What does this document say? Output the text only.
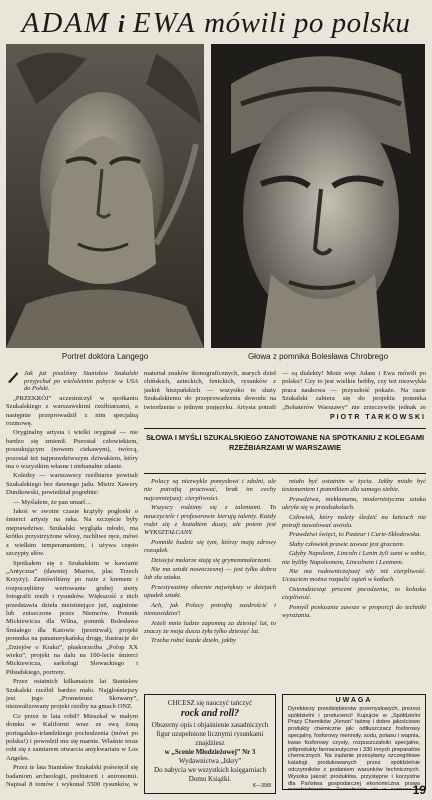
ADAM i EWA mówili po polsku
Portret doktora Langego	Głowa z pomnika Bolesława Chrobrego
Jak już pisaliśmy Stanisław Szukalski przyjechał po wieloletnim pobycie w USA do Polski.

„PRZEKRÓJ” uczestniczył w spotkaniu Szukalskiego z warszawskimi rzeźbiarzami, a następnie przeprowadził z nim specjalną rozmowę.

Oryginalny artysta i wielki oryginał — nie bardzo się zmienił. Pozostał człowiekiem, poszukującym (nowem ciekawym), twórcą, pozostał też najprawdziwszym dziwakiem, który ma o wszystkim własne i niebanalne zdanie.

Koledzy — warszawscy rzeźbiarze powitali Szukalskiego bez dawnego jadu. Mistrz Xawery Dunikowski, powiedział pogodnie:

— Myślałem, że pan umarł…

Jakoś w swoim czasie krążyły pogłoski o śmierci artysty na raka. Na szczęście były nieprawdziwe. Szukalski wygląda młodo, ma krótko przystrzyżone włosy, ruchliwe ręce, mówi z wielkim temperamentem, i używa często szczypty słów.

Spotkałem się z Szukalskim w kawiarni „Antyczna” (dawniej Mazres, plac Trzech Krzyży). Zamówiliśmy po razie z kremem i rozpoczęliśmy wertowanie grubej sterty fotografii rzeźb i rysunków. Większość z nich przedstawia dzieła nieistniejące już, zaginione lub zniszczone przez Niemców. Pomnik Mickiewicza dla Wilna, pomnik Bolesława Śmiałego dla Katowic (przetrwał), projekt pomnika na panamerykańską drogę, ilustracje do „Dziejów o Kraku”, płaskorzeźba „Polop XX wieku”, projekt na dalu na 100-lecie śmierci Mickiewicza, sarkofagi Słowackiego i Piłsudskiego, portrety.

Przez ostatnich kilkanaście lat Stanisław Szukalski rzeźbił bardzo mało. Najgłośniejszy jest jego „Prometeusz Skowany”, niezrealizowany projekt rzeźby na gmach ONZ.

Co przez te lata robił? Mieszkał w małym domku w Kalifornii wraz ze swą żoną portugalsko-irlandzkiego pochodzenia (mówi po polsku!) i powodził mu się marnie. Właśnie teraz robi się z zamiarem otwarcia antykwariatu w Los Angeles.

Przez te lata Stanisław Szukalski poświęcił się badaniom archeologii, prehistorii i antronomii. Napisał 8 tomów i wykonał 5500 rysunków, w

materiał znaków ikonograficznych, starych dzieł chińskich, azteckich, fenickich, rysunków z jaskiń hiszpańskich — wszystko to służy Szukalskiemu do przeprowadzenia dowodu na twierdzenie o jednym prajęzyku. Artysta potrafi

— są dialekty! Może więc Adam i Ewa mówili po polsku? Czy to jest wielkie hobby, czy też niezwykła praca naukowa — przyszłość pokaże. Na razie Szukalski zabiera się do projektu pomnika „Bohaterów Warszawy” nie zrzeczywije jednak ze

PIOTR TARKOWSKI
SŁOWA I MYŚLI SZUKALSKIEGO ZANOTOWANE NA SPOTKANIU Z KOLEGAMI RZEŹBIARZAMI W WARSZAWIE

Polacy są niezwykle pomysłowi i zdolni, ale nie potrafią pracować, brak im cechy najcenniejszej: cierpliwości.

Wszyscy rodzimy się z talentami. To nauczyciele i profesorowie kierują talenty. Każdy rodzi się z kształtem duszy, ale potem jest WYKSZTAŁCANY.

Pomniki budzie się tym, którzy mają zdrowy rozsądek.

Dzisiejsi malarze stają się grymonmalarzami.

Nie ma sztuki nowoczesnej — jest tylko dobra lub zła sztuka.

Przestyważmy obecnie największy w dziejach upadek sztuki.

Ach, jak Polacy potrafią zazdrościć i nienawidzieć!

Jeżeli mnie ludzie zapomną za dziesięć lat, to znaczy że moja dusza żyła tylko dziesięć lat.

Trzeba robić każde dzieło, jakby

miało być ostatnim w życiu. Jakby miało być testamentem i pomnikiem dla samego siebie.

Prawdziwa, niekłamana, modernistyczna sztuka ukryła się w przedszkolach.

Człowiek, który należy śledzić na łańcuch nie potrafi nawalować awiolu.

Prawdziwi święci, to Pasteur i Curie-Skłodowska.

Słaby człowiek prawie zawsze jest graczem.

Gdyby Napoleon, Lincoln i Lenin żyli sami w sobie, nie byliby Napoleonem, Lincolnem i Leninem.

Nie ma rudowniczejszej siły niż cierpliwość. Uczuciem można rozpalić ogień w kotłach.

Osiemdziesiąt procent pocodzenia, to kolaska ciepliwość.

Pomyśl posłusznie zawsze w proporcji do techniki wyrażania.

CHCESZ się nauczyć tańczyć
rock and roll?
Obszerny opis i objaśnienie zasadniczych figur uzupełnione licznymi rysunkami znajdziesz
w „Scenie Młodzieżowej” Nr 3
Wydawnictwa „Iskry”
Do nabycia we wszystkich księgarniach Domu Książki.
K—39/8
UWAGA
Dyrektorzy przedsiębiorstw przemysłowych, prezesi spółdzielni i producenci! Kupujcie w „Spółdzielni Pracy Chemików „Xenon” taśmę i dobre jakościowo produkty chemiczne jak: odtłuszczacz fosforowy specjalny, fosforowy mennoły, sodu, potasu i wapnia, kwas fosforowy czysty, rozpuszczalniki specjalne, półprodukty farmaceutyczne i 330 innych preparatów chemicznych. Na żądanie przesyłamy szczegółowe katalogi produkowanych przez spółdzielnie odczynników z podaniem warunków technicznych. Wysoka jakość produktów, przystępne i korzystne dla Państwa gospodarczej ekonomiczna prawa
19
